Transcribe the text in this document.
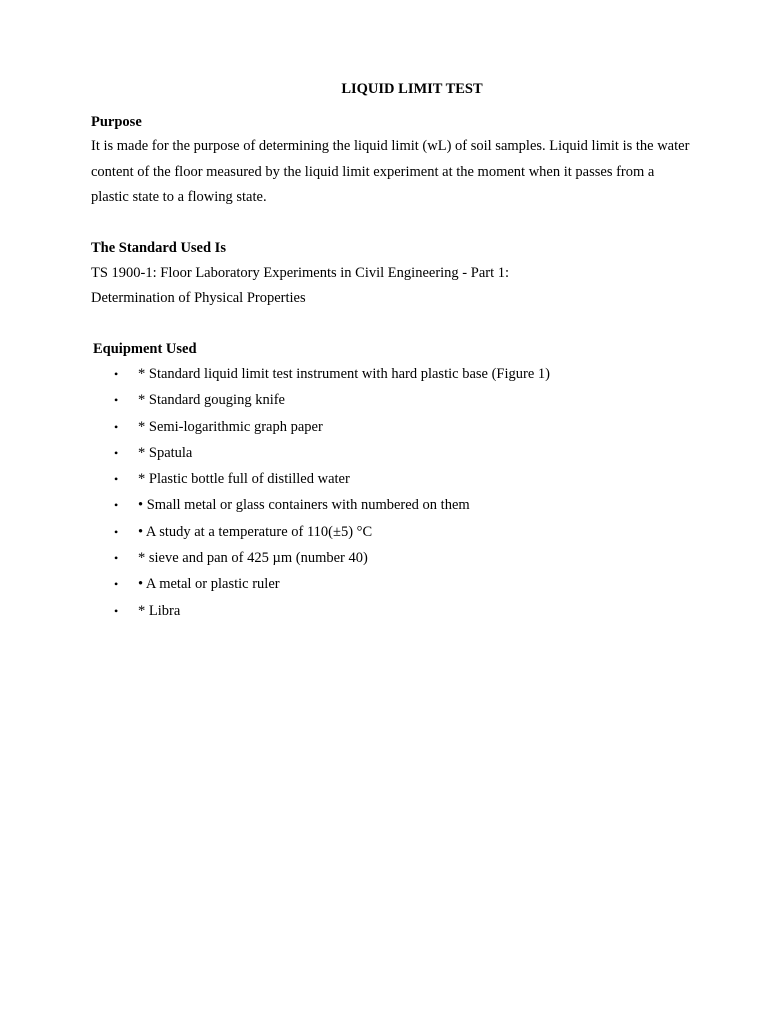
LIQUID LIMIT TEST
Purpose

It is made for the purpose of determining the liquid limit (wL) of soil samples. Liquid limit is the water content of the floor measured by the liquid limit experiment at the moment when it passes from a plastic state to a flowing state.

The Standard Used Is

TS 1900-1: Floor Laboratory Experiments in Civil Engineering - Part 1:

Determination of Physical Properties

Equipment Used
• * Standard liquid limit test instrument with hard plastic base (Figure 1)
• * Standard gouging knife
• * Semi-logarithmic graph paper
• * Spatula
• * Plastic bottle full of distilled water
• • Small metal or glass containers with numbered on them
• • A study at a temperature of 110(±5) °C
• * sieve and pan of 425 µm (number 40)
• • A metal or plastic ruler
• * Libra
